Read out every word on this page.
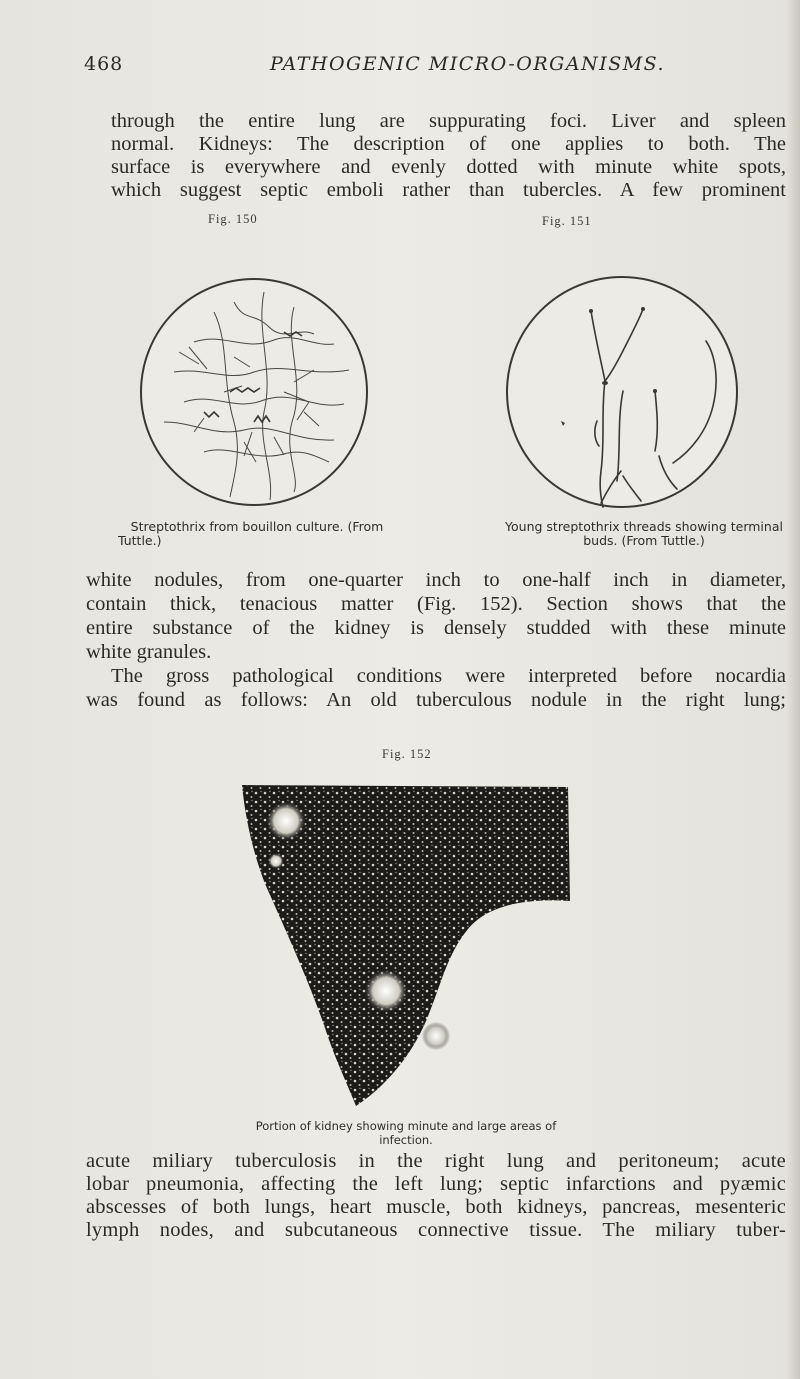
468	PATHOGENIC MICRO-ORGANISMS.

through the entire lung are suppurating foci. Liver and spleen

normal. Kidneys: The description of one applies to both. The

surface is everywhere and evenly dotted with minute white spots,

which suggest septic emboli rather than tubercles. A few prominent

Fig. 150
Streptothrix from bouillon culture. (From
Tuttle.)
Fig. 151
Young streptothrix threads showing terminal
buds. (From Tuttle.)

white nodules, from one-quarter inch to one-half inch in diameter,

contain thick, tenacious matter (Fig. 152). Section shows that the

entire substance of the kidney is densely studded with these minute

white granules.

The gross pathological conditions were interpreted before nocardia

was found as follows: An old tuberculous nodule in the right lung;

Fig. 152
Portion of kidney showing minute and large areas of infection.

acute miliary tuberculosis in the right lung and peritoneum; acute

lobar pneumonia, affecting the left lung; septic infarctions and pyæmic

abscesses of both lungs, heart muscle, both kidneys, pancreas, mesenteric

lymph nodes, and subcutaneous connective tissue. The miliary tuber-
